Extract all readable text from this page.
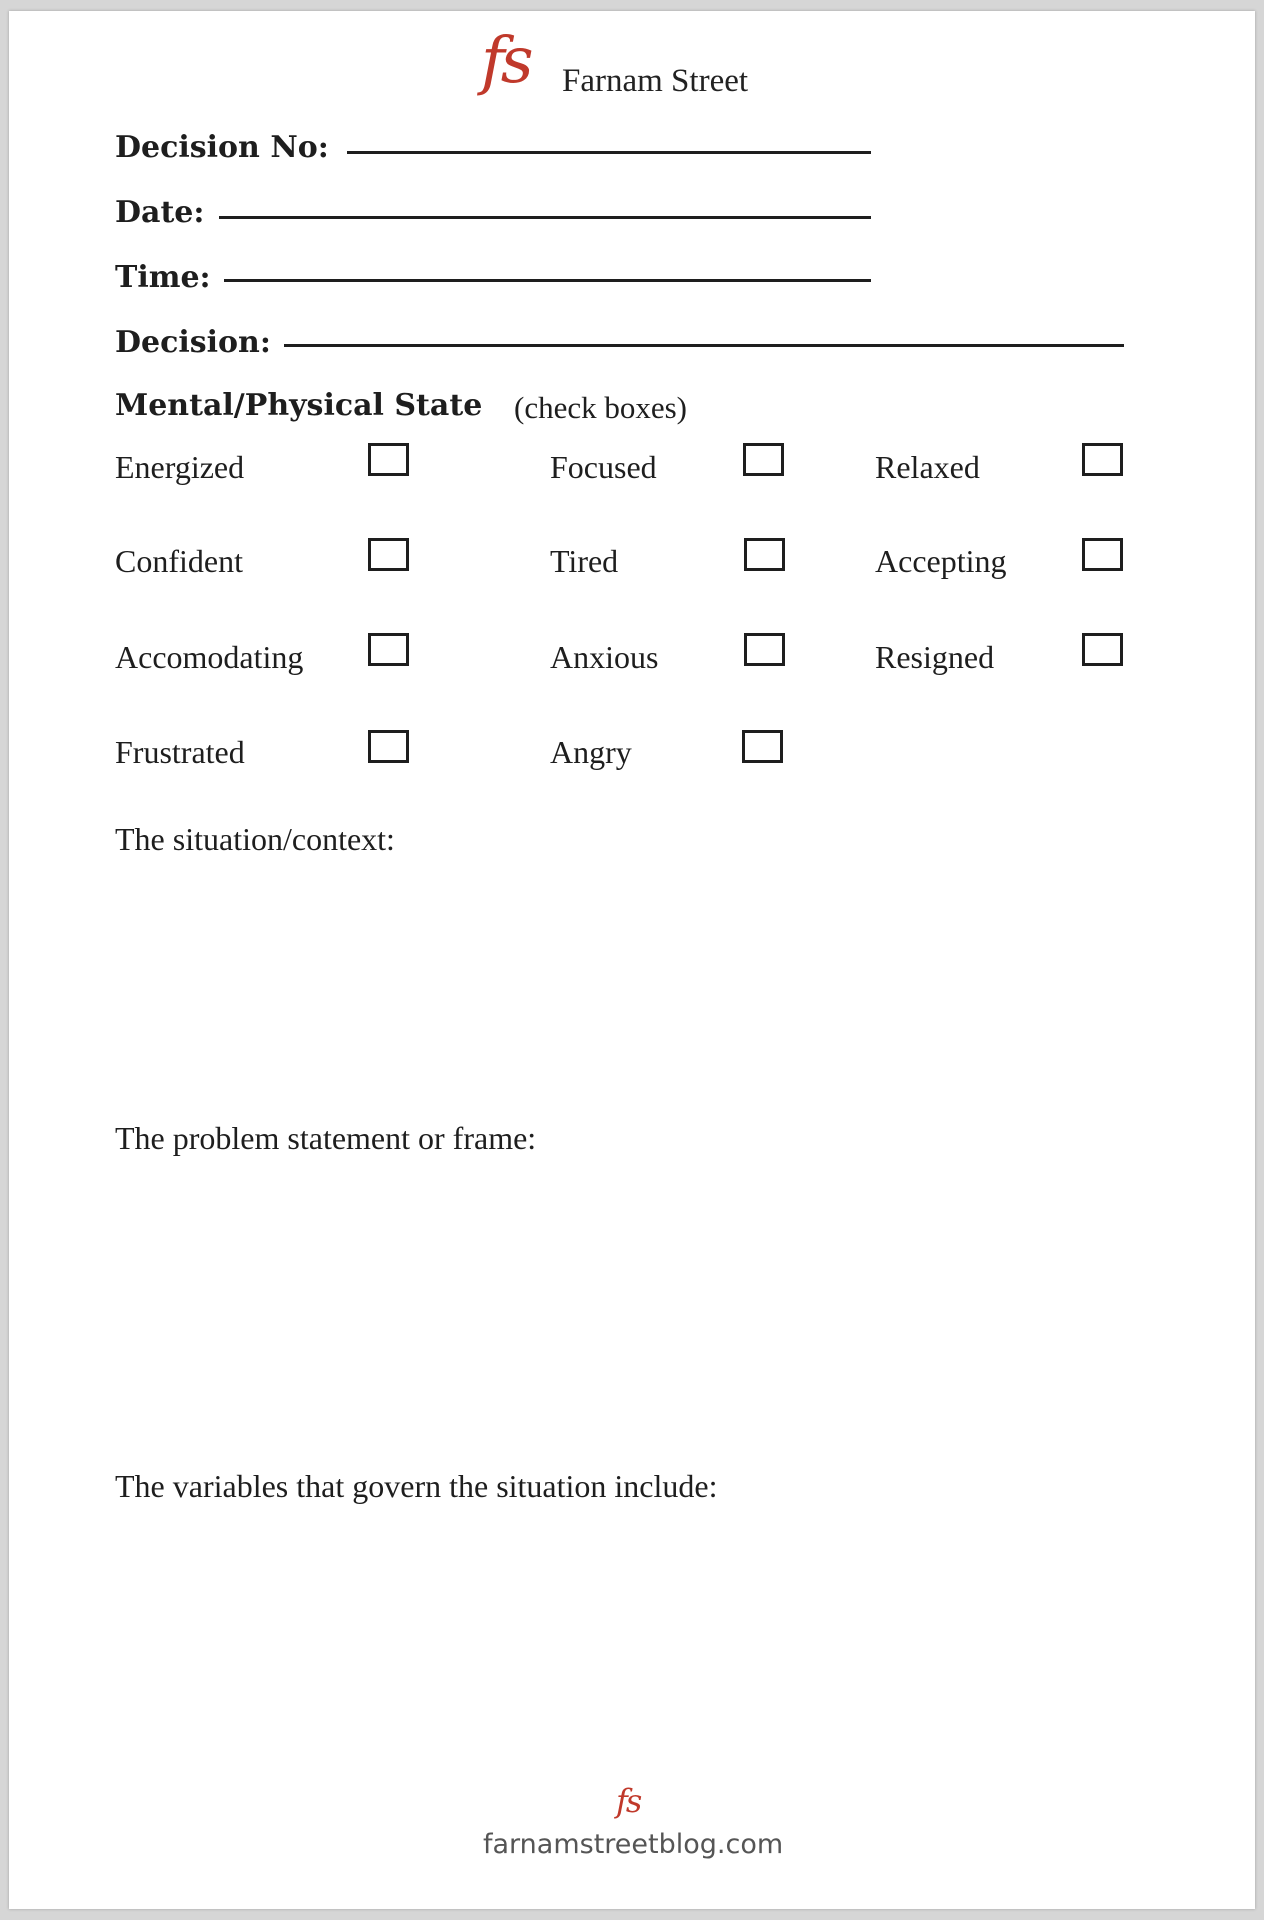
fs Farnam Street
Decision No:
Date:
Time:
Decision:
Mental/Physical State (check boxes)
Energized	Focused	Relaxed
Confident	Tired	Accepting
Accomodating	Anxious	Resigned
Frustrated	Angry
The situation/context:
The problem statement or frame:
The variables that govern the situation include:
fs
farnamstreetblog.com
